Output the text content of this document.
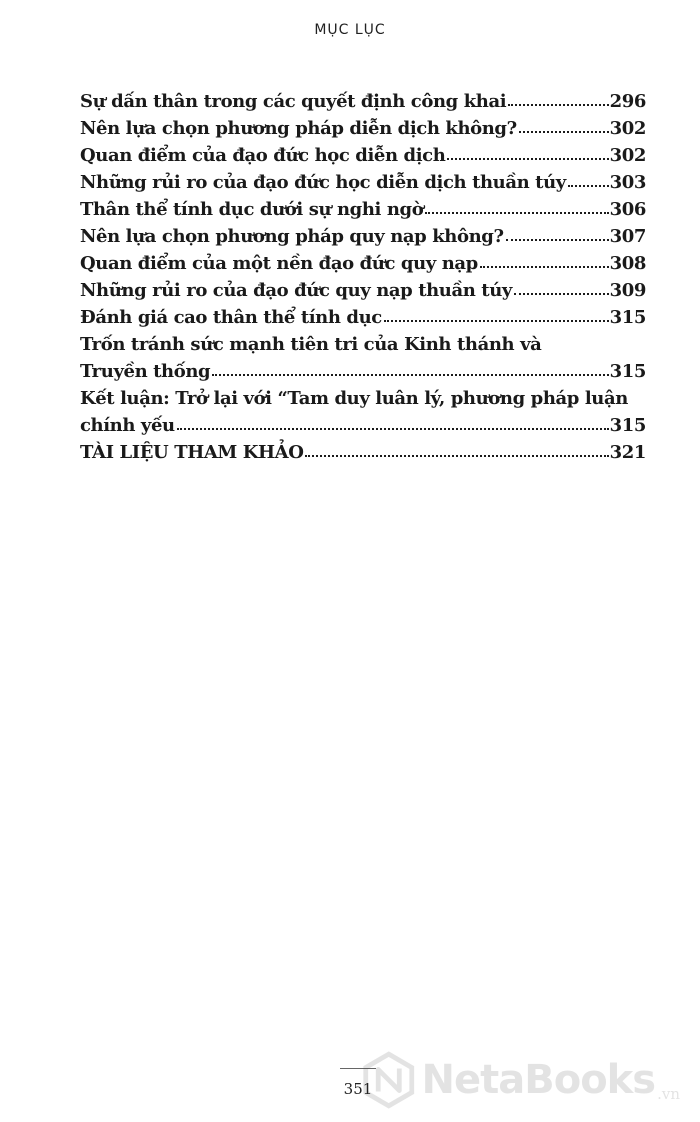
MỤC LỤC
Sự dấn thân trong các quyết định công khai	296
Nên lựa chọn phương pháp diễn dịch không?	302
Quan điểm của đạo đức học diễn dịch	302
Những rủi ro của đạo đức học diễn dịch thuần túy 303
Thân thể tính dục dưới sự nghi ngờ	306
Nên lựa chọn phương pháp quy nạp không?	307
Quan điểm của một nền đạo đức quy nạp	308
Những rủi ro của đạo đức quy nạp thuần túy	309
Đánh giá cao thân thể tính dục	315
Trốn tránh sức mạnh tiên tri của Kinh thánh và
Truyền thống	315
Kết luận: Trở lại với “Tam duy luân lý, phương pháp luận
chính yếu	315
TÀI LIỆU THAM KHẢO	321
351	NetaBooks .vn
